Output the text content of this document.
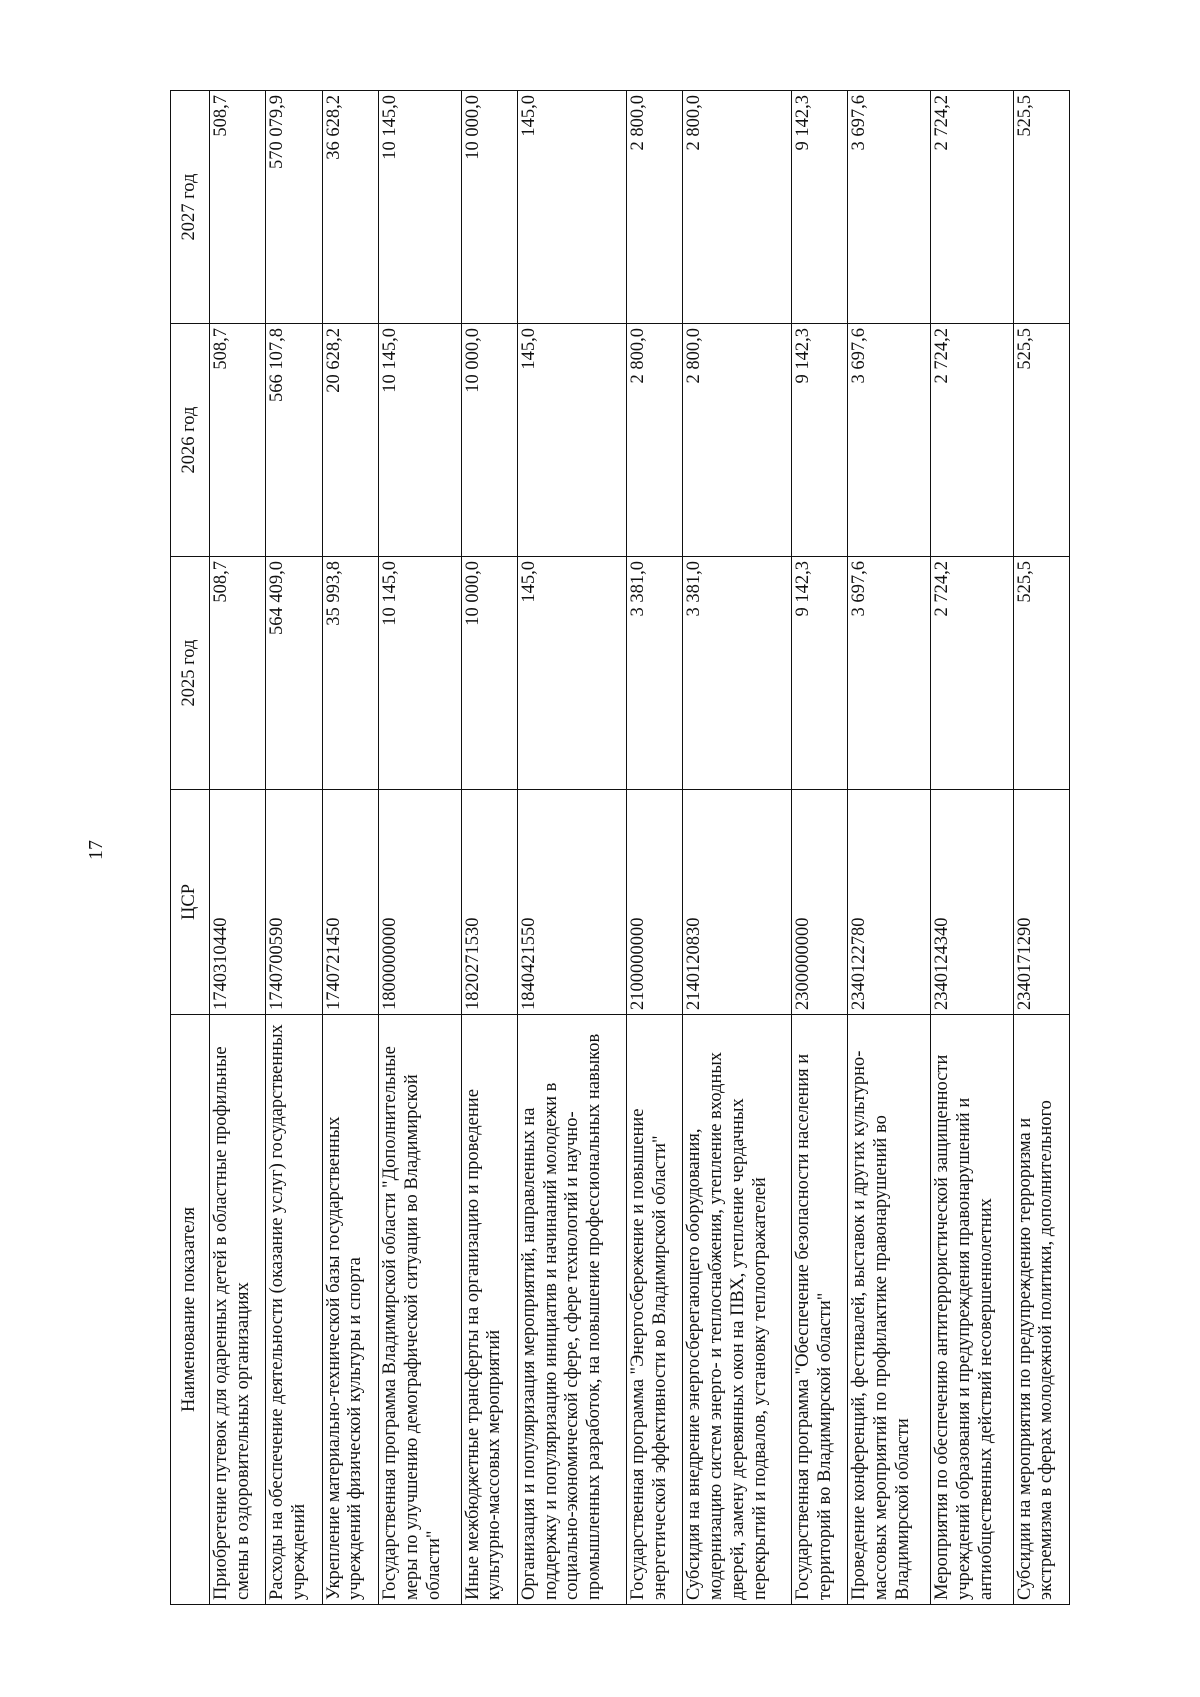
17
Наименование показателя	ЦСР	2025 год	2026 год	2027 год
Приобретение путевок для одаренных детей в областные профильные смены в оздоровительных организациях	1740310440	508,7	508,7	508,7
Расходы на обеспечение деятельности (оказание услуг) государственных учреждений	1740700590	564 409,0	566 107,8	570 079,9
Укрепление материально-технической базы государственных учреждений физической культуры и спорта	1740721450	35 993,8	20 628,2	36 628,2
Государственная программа Владимирской области "Дополнительные меры по улучшению демографической ситуации во Владимирской области"	1800000000	10 145,0	10 145,0	10 145,0
Иные межбюджетные трансферты на организацию и проведение культурно-массовых мероприятий	1820271530	10 000,0	10 000,0	10 000,0
Организация и популяризация мероприятий, направленных на поддержку и популяризацию инициатив и начинаний молодежи в социально-экономической сфере, сфере технологий и научно-промышленных разработок, на повышение профессиональных навыков	1840421550	145,0	145,0	145,0
Государственная программа "Энергосбережение и повышение энергетической эффективности во Владимирской области"	2100000000	3 381,0	2 800,0	2 800,0
Субсидия на внедрение энергосберегающего оборудования, модернизацию систем энерго- и теплоснабжения, утепление входных дверей, замену деревянных окон на ПВХ, утепление чердачных перекрытий и подвалов, установку теплоотражателей	2140120830	3 381,0	2 800,0	2 800,0
Государственная программа "Обеспечение безопасности населения и территорий во Владимирской области"	2300000000	9 142,3	9 142,3	9 142,3
Проведение конференций, фестивалей, выставок и других культурно-массовых мероприятий по профилактике правонарушений во Владимирской области	2340122780	3 697,6	3 697,6	3 697,6
Мероприятия по обеспечению антитеррористической защищенности учреждений образования и предупреждения правонарушений и антиобщественных действий несовершеннолетних	2340124340	2 724,2	2 724,2	2 724,2
Субсидии на мероприятия по предупреждению терроризма и экстремизма в сферах молодежной политики, дополнительного	2340171290	525,5	525,5	525,5
